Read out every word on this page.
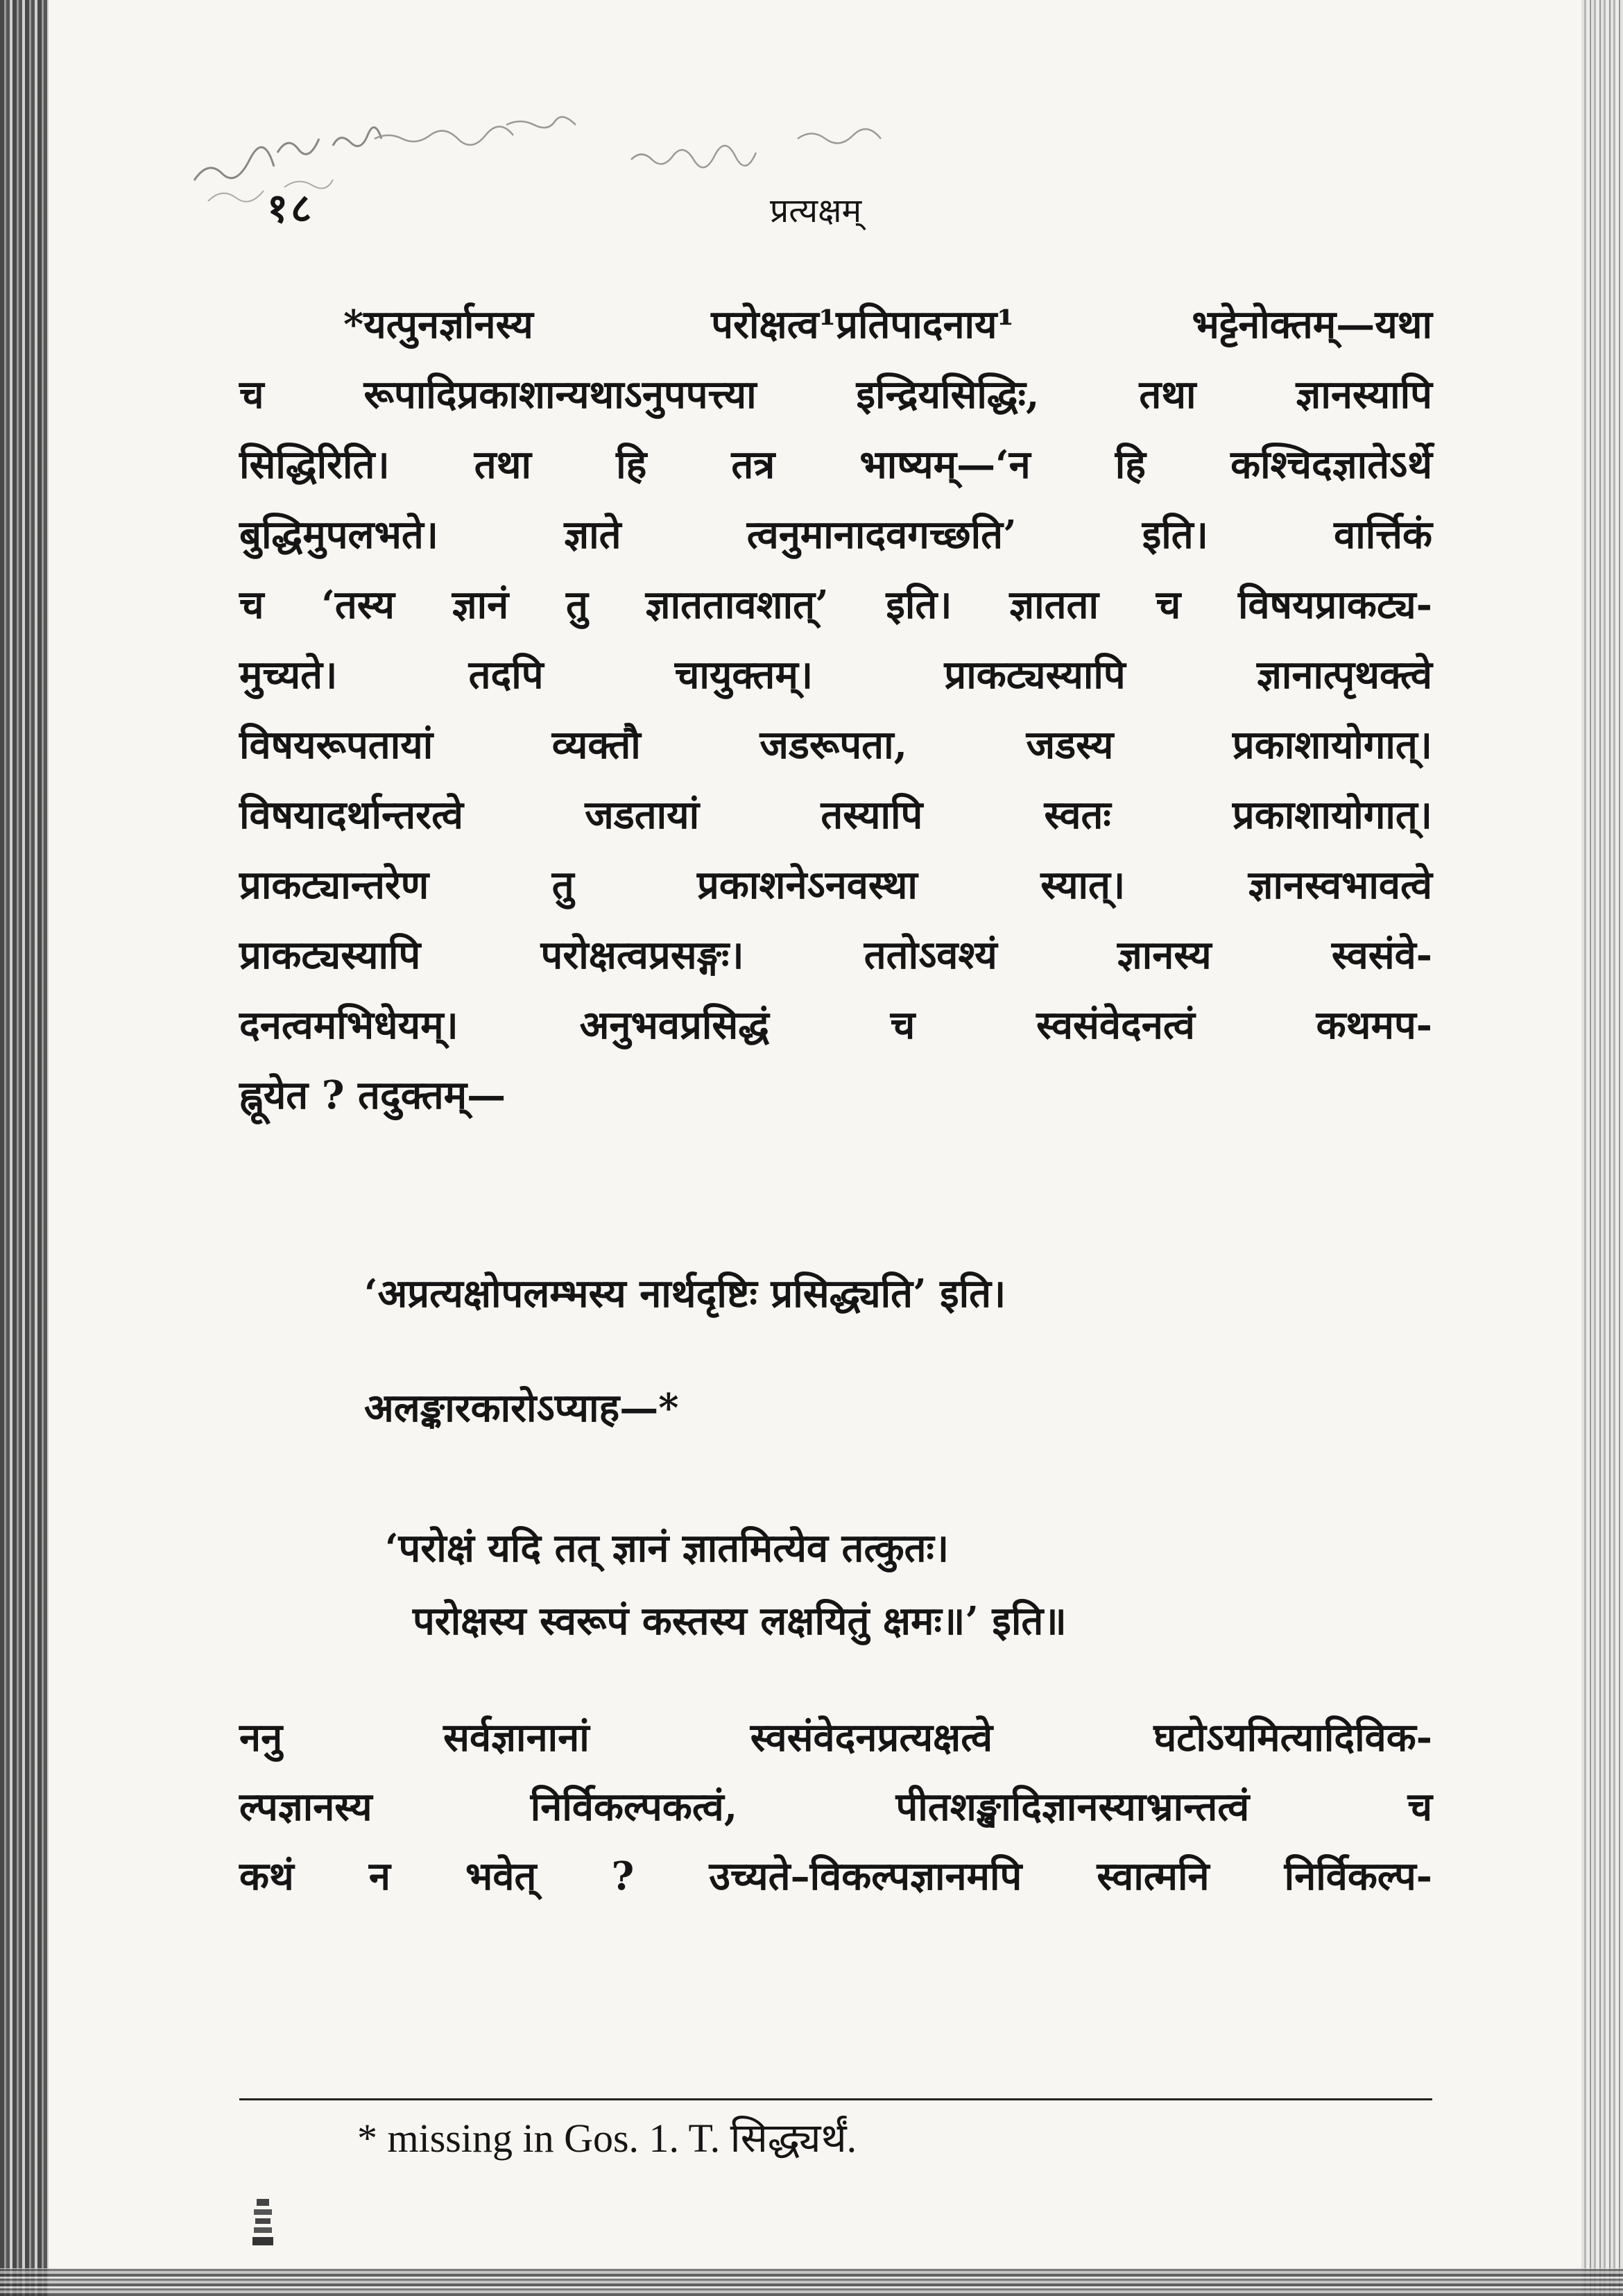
१८	प्रत्यक्षम्
*यत्पुनर्ज्ञानस्य परोक्षत्व¹प्रतिपादनाय¹ भट्टेनोक्तम्—यथा
च रूपादिप्रकाशान्यथाऽनुपपत्त्या इन्द्रियसिद्धिः, तथा ज्ञानस्यापि
सिद्धिरिति। तथा हि तत्र भाष्यम्—‘न हि कश्चिदज्ञातेऽर्थे
बुद्धिमुपलभते। ज्ञाते त्वनुमानादवगच्छति’ इति। वार्त्तिकं
च ‘तस्य ज्ञानं तु ज्ञाततावशात्’ इति। ज्ञातता च विषयप्राकट्य-
मुच्यते। तदपि चायुक्तम्। प्राकट्यस्यापि ज्ञानात्पृथक्त्वे
विषयरूपतायां व्यक्तौ जडरूपता, जडस्य प्रकाशायोगात्।
विषयादर्थान्तरत्वे जडतायां तस्यापि स्वतः प्रकाशायोगात्।
प्राकट्यान्तरेण तु प्रकाशनेऽनवस्था स्यात्। ज्ञानस्वभावत्वे
प्राकट्यस्यापि परोक्षत्वप्रसङ्गः। ततोऽवश्यं ज्ञानस्य स्वसंवे-
दनत्वमभिधेयम्। अनुभवप्रसिद्धं च स्वसंवेदनत्वं कथमप-
ह्नूयेत ? तदुक्तम्—
‘अप्रत्यक्षोपलम्भस्य नार्थदृष्टिः प्रसिद्ध्यति’ इति।
अलङ्कारकारोऽप्याह—*
‘परोक्षं यदि तत् ज्ञानं ज्ञातमित्येव तत्कुतः।
परोक्षस्य स्वरूपं कस्तस्य लक्षयितुं क्षमः॥’ इति॥
ननु सर्वज्ञानानां स्वसंवेदनप्रत्यक्षत्वे घटोऽयमित्यादिविक-
ल्पज्ञानस्य निर्विकल्पकत्वं, पीतशङ्खादिज्ञानस्याभ्रान्तत्वं च
कथं न भवेत् ? उच्यते–विकल्पज्ञानमपि स्वात्मनि निर्विकल्प-
* missing in Gos. 1. T. सिद्ध्यर्थं.
